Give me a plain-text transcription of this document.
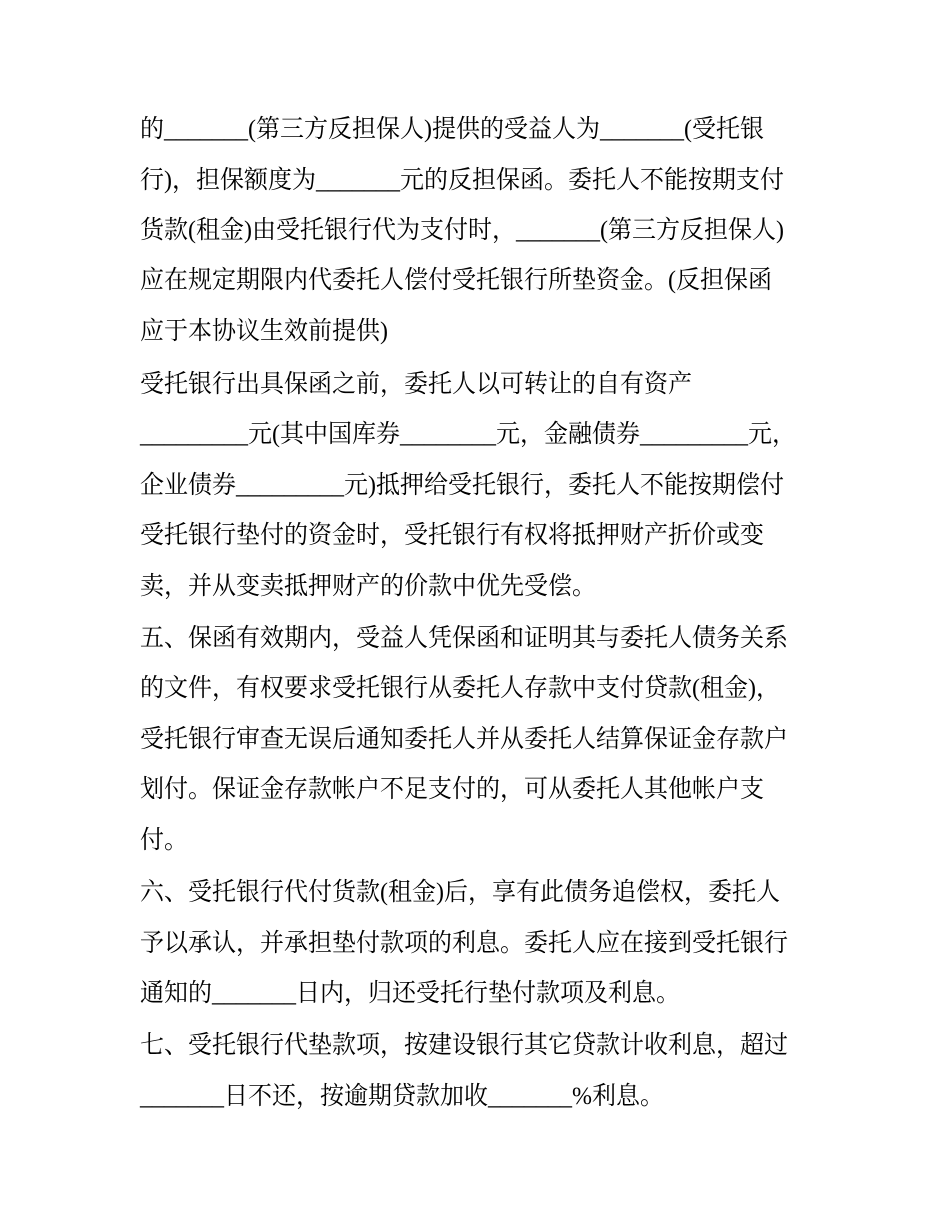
的_______(第三方反担保人)提供的受益人为_______(受托银
行)，担保额度为_______元的反担保函。委托人不能按期支付
货款(租金)由受托银行代为支付时，_______(第三方反担保人)
应在规定期限内代委托人偿付受托银行所垫资金。(反担保函
应于本协议生效前提供)
受托银行出具保函之前，委托人以可转让的自有资产
_________元(其中国库券________元，金融债券_________元，
企业债券_________元)抵押给受托银行，委托人不能按期偿付
受托银行垫付的资金时，受托银行有权将抵押财产折价或变
卖，并从变卖抵押财产的价款中优先受偿。
五、保函有效期内，受益人凭保函和证明其与委托人债务关系
的文件，有权要求受托银行从委托人存款中支付贷款(租金)，
受托银行审查无误后通知委托人并从委托人结算保证金存款户
划付。保证金存款帐户不足支付的，可从委托人其他帐户支
付。
六、受托银行代付货款(租金)后，享有此债务追偿权，委托人
予以承认，并承担垫付款项的利息。委托人应在接到受托银行
通知的_______日内，归还受托行垫付款项及利息。
七、受托银行代垫款项，按建设银行其它贷款计收利息，超过
_______日不还，按逾期贷款加收_______%利息。
